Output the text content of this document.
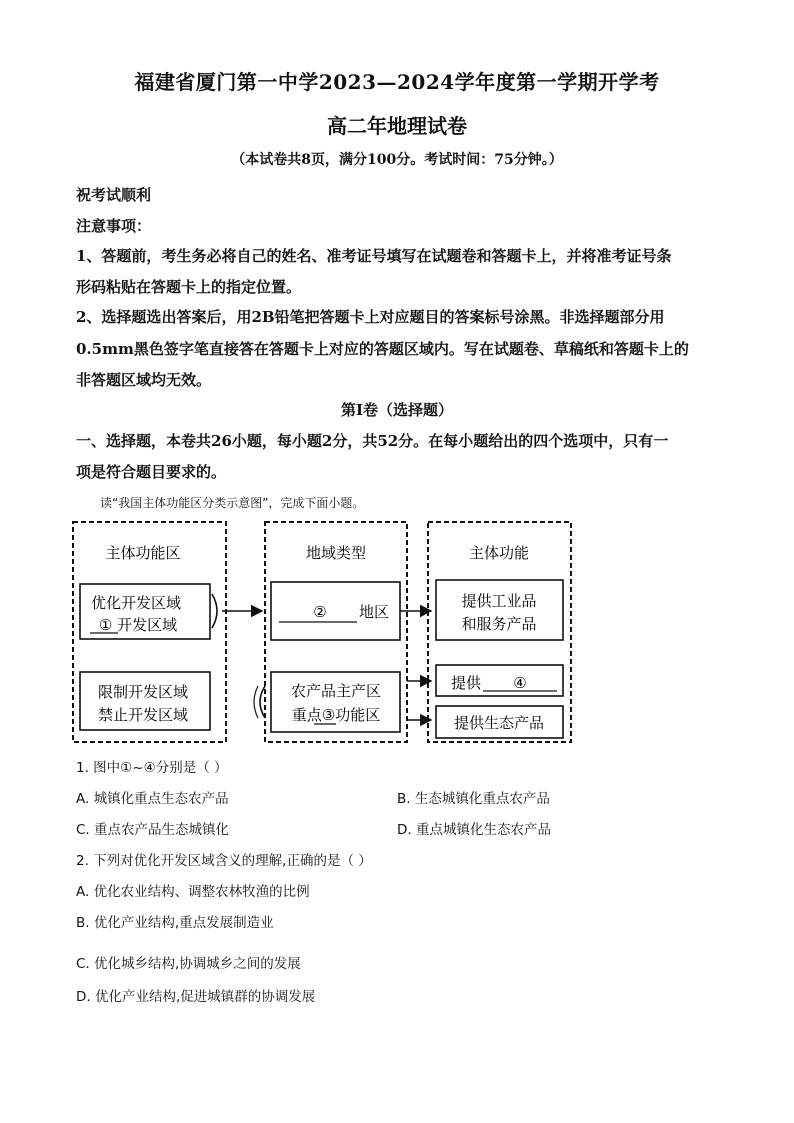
福建省厦门第一中学2023—2024学年度第一学期开学考
高二年地理试卷
（本试卷共8页，满分100分。考试时间：75分钟。）
祝考试顺利
注意事项：
1、答题前，考生务必将自己的姓名、准考证号填写在试题卷和答题卡上，并将准考证号条
形码粘贴在答题卡上的指定位置。
2、选择题选出答案后，用2B铅笔把答题卡上对应题目的答案标号涂黑。非选择题部分用
0.5mm黑色签字笔直接答在答题卡上对应的答题区域内。写在试题卷、草稿纸和答题卡上的
非答题区域均无效。
第Ⅰ卷（选择题）
一、选择题，本卷共26小题，每小题2分，共52分。在每小题给出的四个选项中，只有一
项是符合题目要求的。
读“我国主体功能区分类示意图”，完成下面小题。
主体功能区	地域类型	主体功能
优化开发区域
① 开发区域
限制开发区域
禁止开发区域
② 地区
农产品主产区
重点③功能区
提供工业品
和服务产品
提供 ④
提供生态产品
1. 图中①~④分别是（ ）
A. 城镇化重点生态农产品	B. 生态城镇化重点农产品
C. 重点农产品生态城镇化	D. 重点城镇化生态农产品
2. 下列对优化开发区域含义的理解,正确的是（ ）
A. 优化农业结构、调整农林牧渔的比例
B. 优化产业结构,重点发展制造业
C. 优化城乡结构,协调城乡之间的发展
D. 优化产业结构,促进城镇群的协调发展
